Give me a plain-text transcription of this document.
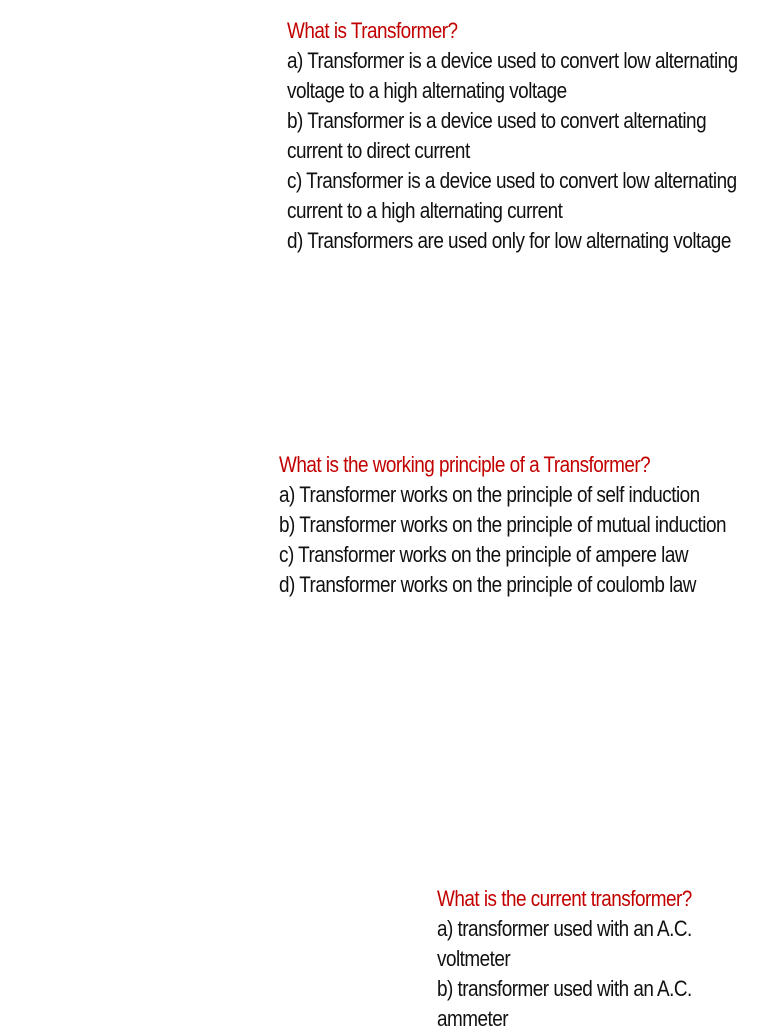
What is Transformer?
a) Transformer is a device used to convert low alternating voltage to a high alternating voltage
b) Transformer is a device used to convert alternating current to direct current
c) Transformer is a device used to convert low alternating current to a high alternating current
d) Transformers are used only for low alternating voltage
What is the working principle of a Transformer?
a) Transformer works on the principle of self induction
b) Transformer works on the principle of mutual induction
c) Transformer works on the principle of ampere law
d) Transformer works on the principle of coulomb law
What is the current transformer?
a) transformer used with an A.C. voltmeter
b) transformer used with an A.C. ammeter
